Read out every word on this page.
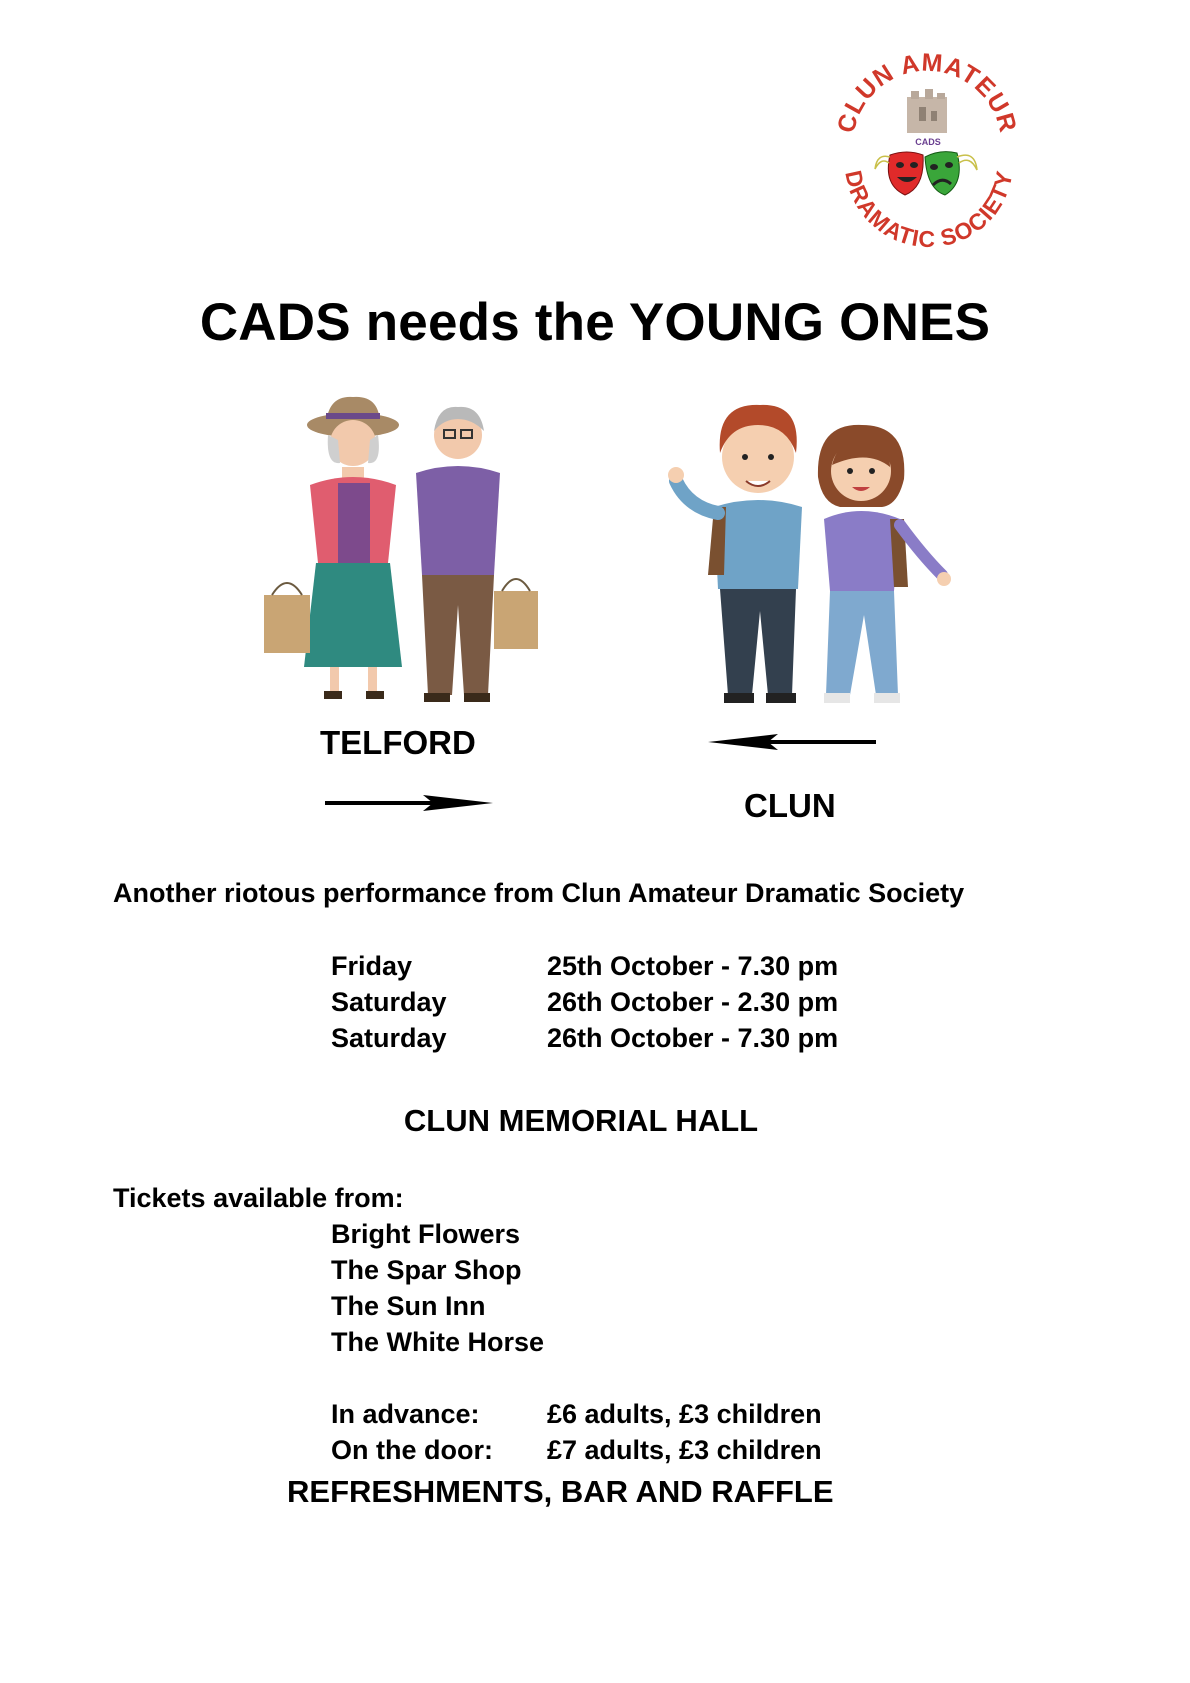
CLUN AMATEUR
DRAMATIC SOCIETY
CADS
CADS needs the YOUNG ONES
TELFORD
CLUN
Another riotous performance from Clun Amateur Dramatic Society
Friday	25th October - 7.30 pm
Saturday	26th October - 2.30 pm
Saturday	26th October - 7.30 pm
CLUN MEMORIAL HALL
Tickets available from:
Bright Flowers
The Spar Shop
The Sun Inn
The White Horse
In advance: £6 adults, £3 children
On the door: £7 adults, £3 children
REFRESHMENTS, BAR AND RAFFLE
